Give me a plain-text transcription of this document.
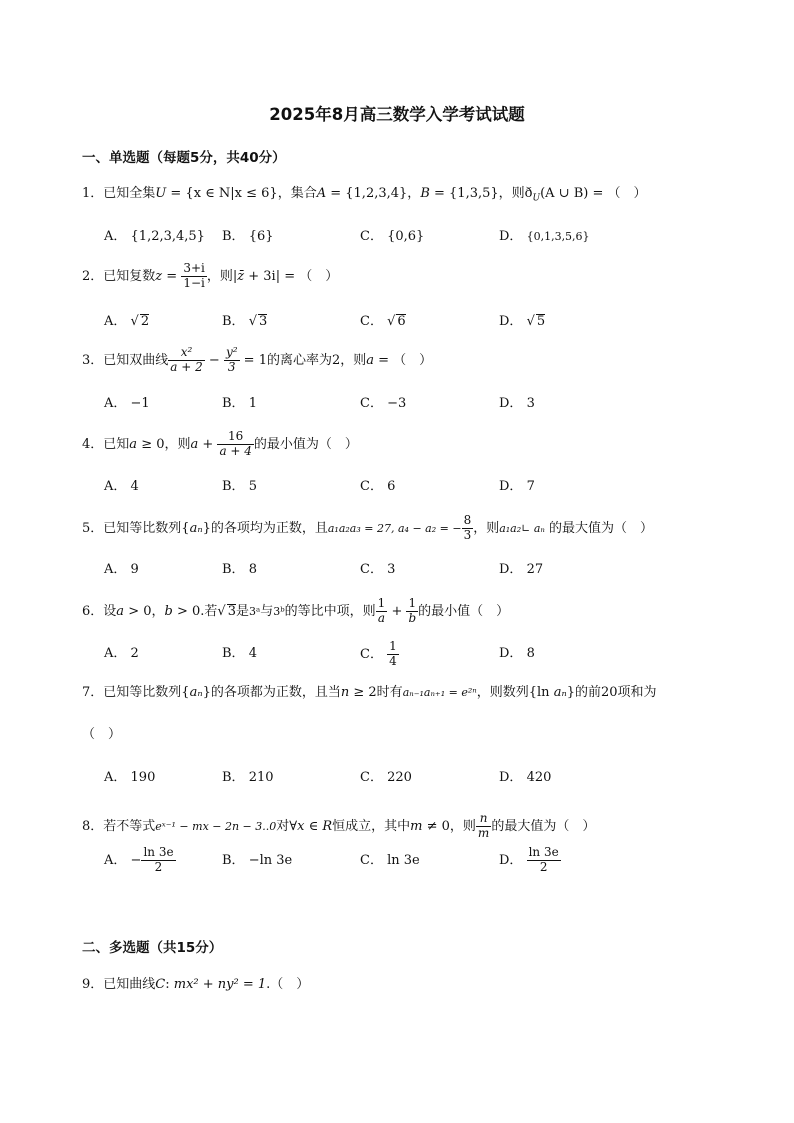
2025年8月高三数学入学考试试题
一、单选题（每题5分，共40分）
1．已知全集U = {x ∈ N|x ≤ 6}，集合A = {1,2,3,4}，B = {1,3,5}，则$ð_U(A$ ∪ B) = （　）
A． {1,2,3,4,5} B． {6}	C． {0,6}	D． {0,1,3,5,6}
2．已知复数$z = \frac{3+i}{1-i}$ ，则|z̄ + 3i| = （　）
A． √ 2	B． √ 3	C． √ 6	D． √ 5
3．已知双曲线 $\frac{\text{x²}}{a + 2} - \frac{\text{y²}}{3} = 1$的离心率为2，则a = （　）
A． −1	B． 1	C． −3	D． 3
4．已知a ≥ 0，则$a + \frac{16}{a + 4}$ 的最小值为（　）
A． 4	B． 5	C． 6	D． 7
5．已知等比数列{aₙ}的各项均为正数，且a₁a₂a₃ = 27, a₄ − a₂ = − $\frac{8}{3}$ ，则a₁a₂∟ aₙ 的最大值为（　）
A． 9	B． 8	C． 3	D． 27
6．设a > 0，b > 0.若√ 3是3ᵃ与3ᵇ的等比中项，则 $\frac{1}{a} + \frac{1}{b}$ 的最小值（　）
A． 2	B． 4	C． $\frac{1}{4}$	D． 8
7．已知等比数列{aₙ}的各项都为正数，且当n ≥ 2时有aₙ₋₁aₙ₊₁ = e²ⁿ，则数列{ln aₙ}的前20项和为
（　）
A． 190	B． 210	C． 220	D． 420
8．若不等式eˣ⁻¹ − mx − 2n − 3..0对∀x ∈ R恒成立，其中m ≠ 0，则 $\frac{n}{m}$ 的最大值为（　）
A． − $\frac{\ln 3e}{2}$	B． −ln 3e	C． ln 3e	D． $\frac{\ln 3e}{2}$
二、多选题（共15分）
9．已知曲线C: mx² + ny² = 1.（　）
